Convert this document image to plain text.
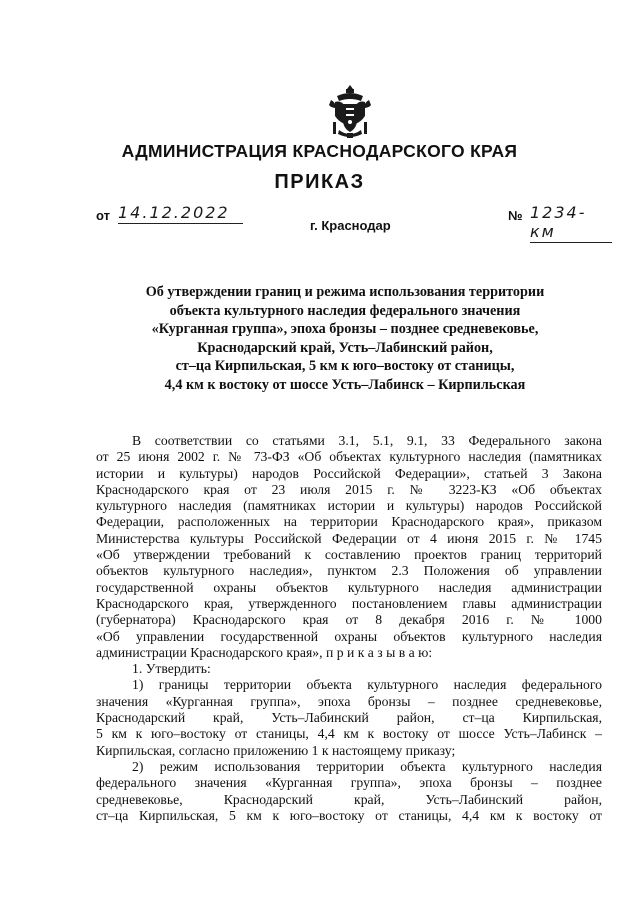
АДМИНИСТРАЦИЯ КРАСНОДАРСКОГО КРАЯ
ПРИКАЗ
от 14.12.2022	№ 1234-км
г. Краснодар
Об утверждении границ и режима использования территории
объекта культурного наследия федерального значения
«Курганная группа», эпоха бронзы – позднее средневековье,
Краснодарский край, Усть–Лабинский район,
ст–ца Кирпильская, 5 км к юго–востоку от станицы,
4,4 км к востоку от шоссе Усть–Лабинск – Кирпильская
В соответствии со статьями 3.1, 5.1, 9.1, 33 Федерального закона
от 25 июня 2002 г. № 73-ФЗ «Об объектах культурного наследия (памятниках
истории и культуры) народов Российской Федерации», статьей 3 Закона
Краснодарского края от 23 июля 2015 г. № 3223-КЗ «Об объектах
культурного наследия (памятниках истории и культуры) народов Российской
Федерации, расположенных на территории Краснодарского края», приказом
Министерства культуры Российской Федерации от 4 июня 2015 г. № 1745
«Об утверждении требований к составлению проектов границ территорий
объектов культурного наследия», пунктом 2.3 Положения об управлении
государственной охраны объектов культурного наследия администрации
Краснодарского края, утвержденного постановлением главы администрации
(губернатора) Краснодарского края от 8 декабря 2016 г. № 1000
«Об управлении государственной охраны объектов культурного наследия
администрации Краснодарского края», п р и к а з ы в а ю:
1. Утвердить:
1) границы территории объекта культурного наследия федерального
значения «Курганная группа», эпоха бронзы – позднее средневековье,
Краснодарский край, Усть–Лабинский район, ст–ца Кирпильская,
5 км к юго–востоку от станицы, 4,4 км к востоку от шоссе Усть–Лабинск –
Кирпильская, согласно приложению 1 к настоящему приказу;
2) режим использования территории объекта культурного наследия
федерального значения «Курганная группа», эпоха бронзы – позднее
средневековье, Краснодарский край, Усть–Лабинский район,
ст–ца Кирпильская, 5 км к юго–востоку от станицы, 4,4 км к востоку от
